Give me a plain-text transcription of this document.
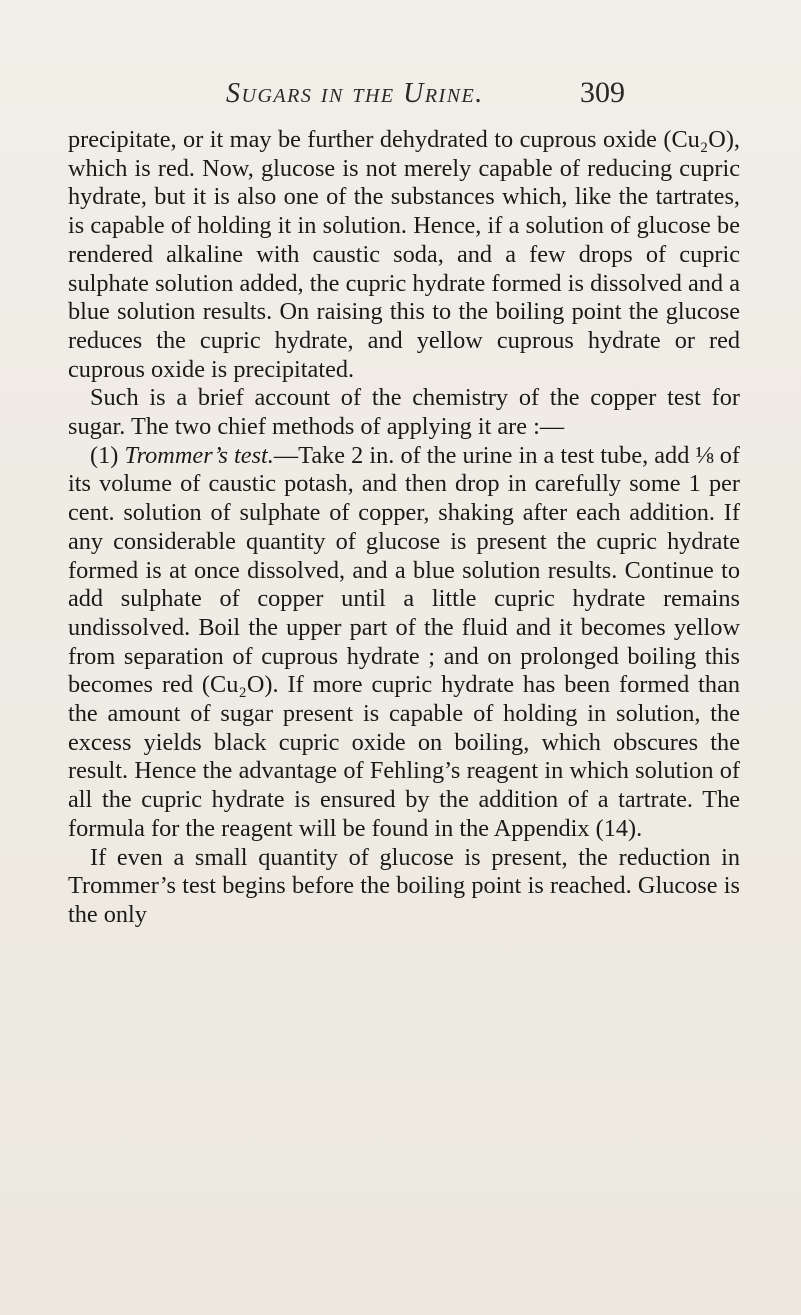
Sugars in the Urine.	309

precipitate, or it may be further dehydrated to cuprous oxide (Cu₂O), which is red. Now, glucose is not merely capable of reducing cupric hydrate, but it is also one of the substances which, like the tartrates, is capable of holding it in solution. Hence, if a solution of glucose be rendered alkaline with caustic soda, and a few drops of cupric sulphate solution added, the cupric hydrate formed is dissolved and a blue solution results. On raising this to the boiling point the glucose reduces the cupric hydrate, and yellow cuprous hydrate or red cuprous oxide is precipitated.

Such is a brief account of the chemistry of the copper test for sugar. The two chief methods of applying it are :—

(1) Trommer’s test.—Take 2 in. of the urine in a test tube, add ⅛ of its volume of caustic potash, and then drop in carefully some 1 per cent. solution of sulphate of copper, shaking after each addition. If any considerable quantity of glucose is present the cupric hydrate formed is at once dissolved, and a blue solution results. Continue to add sulphate of copper until a little cupric hydrate remains undissolved. Boil the upper part of the fluid and it becomes yellow from separation of cuprous hydrate ; and on prolonged boiling this becomes red (Cu₂O). If more cupric hydrate has been formed than the amount of sugar present is capable of holding in solution, the excess yields black cupric oxide on boiling, which obscures the result. Hence the advantage of Fehling’s reagent in which solution of all the cupric hydrate is ensured by the addition of a tartrate. The formula for the reagent will be found in the Appendix (14).

If even a small quantity of glucose is present, the reduction in Trommer’s test begins before the boiling point is reached. Glucose is the only
